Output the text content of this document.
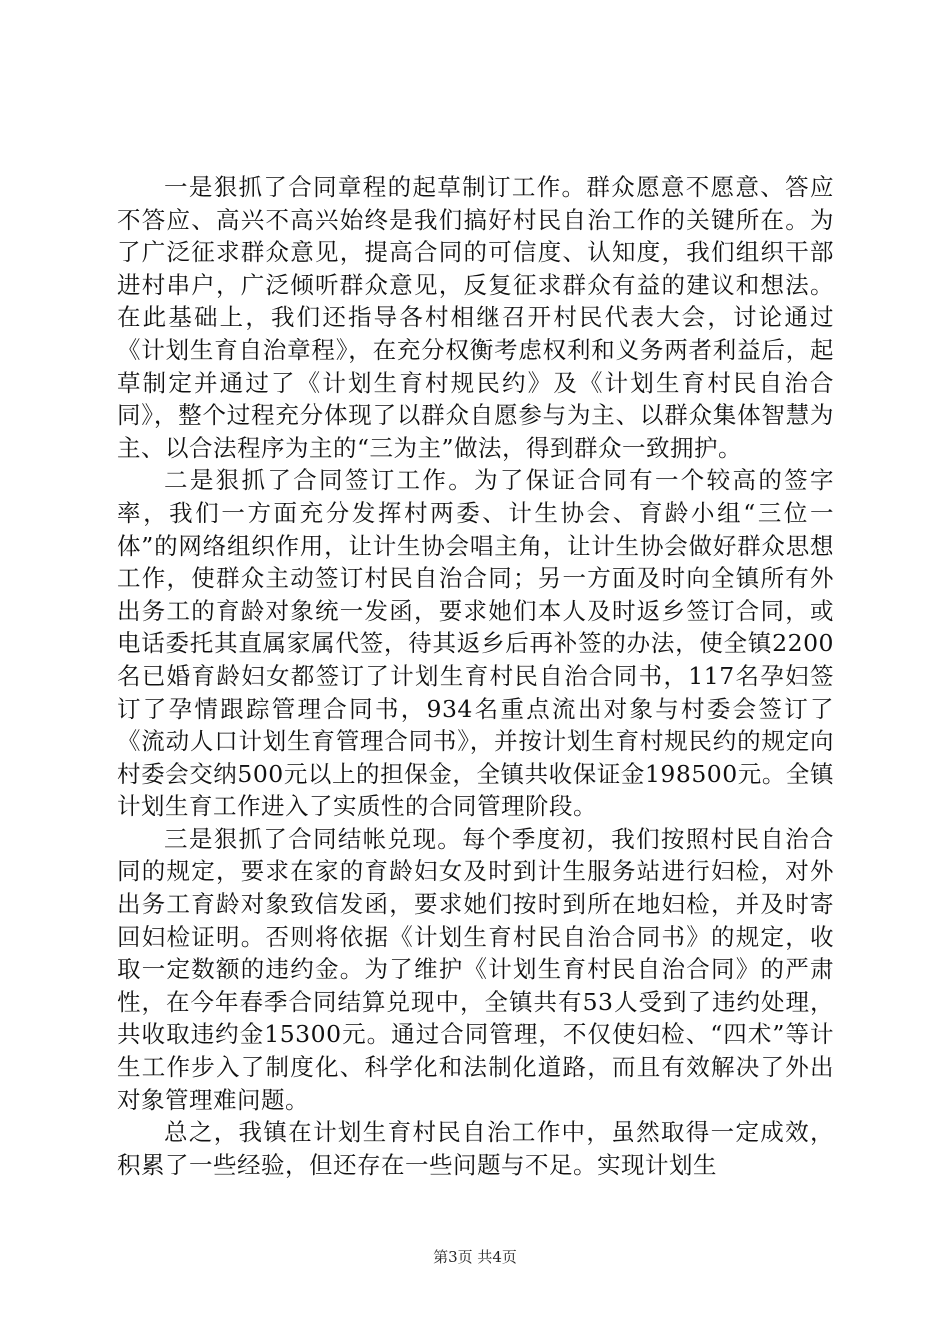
一是狠抓了合同章程的起草制订工作。群众愿意不愿意、答应不答应、高兴不高兴始终是我们搞好村民自治工作的关键所在。为了广泛征求群众意见，提高合同的可信度、认知度，我们组织干部进村串户，广泛倾听群众意见，反复征求群众有益的建议和想法。在此基础上，我们还指导各村相继召开村民代表大会，讨论通过《计划生育自治章程》，在充分权衡考虑权利和义务两者利益后，起草制定并通过了《计划生育村规民约》及《计划生育村民自治合同》，整个过程充分体现了以群众自愿参与为主、以群众集体智慧为主、以合法程序为主的“三为主”做法，得到群众一致拥护。

二是狠抓了合同签订工作。为了保证合同有一个较高的签字率，我们一方面充分发挥村两委、计生协会、育龄小组“三位一体”的网络组织作用，让计生协会唱主角，让计生协会做好群众思想工作，使群众主动签订村民自治合同；另一方面及时向全镇所有外出务工的育龄对象统一发函，要求她们本人及时返乡签订合同，或电话委托其直属家属代签，待其返乡后再补签的办法，使全镇2200名已婚育龄妇女都签订了计划生育村民自治合同书，117名孕妇签订了孕情跟踪管理合同书，934名重点流出对象与村委会签订了《流动人口计划生育管理合同书》，并按计划生育村规民约的规定向村委会交纳500元以上的担保金，全镇共收保证金198500元。全镇计划生育工作进入了实质性的合同管理阶段。

三是狠抓了合同结帐兑现。每个季度初，我们按照村民自治合同的规定，要求在家的育龄妇女及时到计生服务站进行妇检，对外出务工育龄对象致信发函，要求她们按时到所在地妇检，并及时寄回妇检证明。否则将依据《计划生育村民自治合同书》的规定，收取一定数额的违约金。为了维护《计划生育村民自治合同》的严肃性，在今年春季合同结算兑现中，全镇共有53人受到了违约处理，共收取违约金15300元。通过合同管理，不仅使妇检、“四术”等计生工作步入了制度化、科学化和法制化道路，而且有效解决了外出对象管理难问题。

总之，我镇在计划生育村民自治工作中，虽然取得一定成效，积累了一些经验，但还存在一些问题与不足。实现计划生

第3页 共4页
